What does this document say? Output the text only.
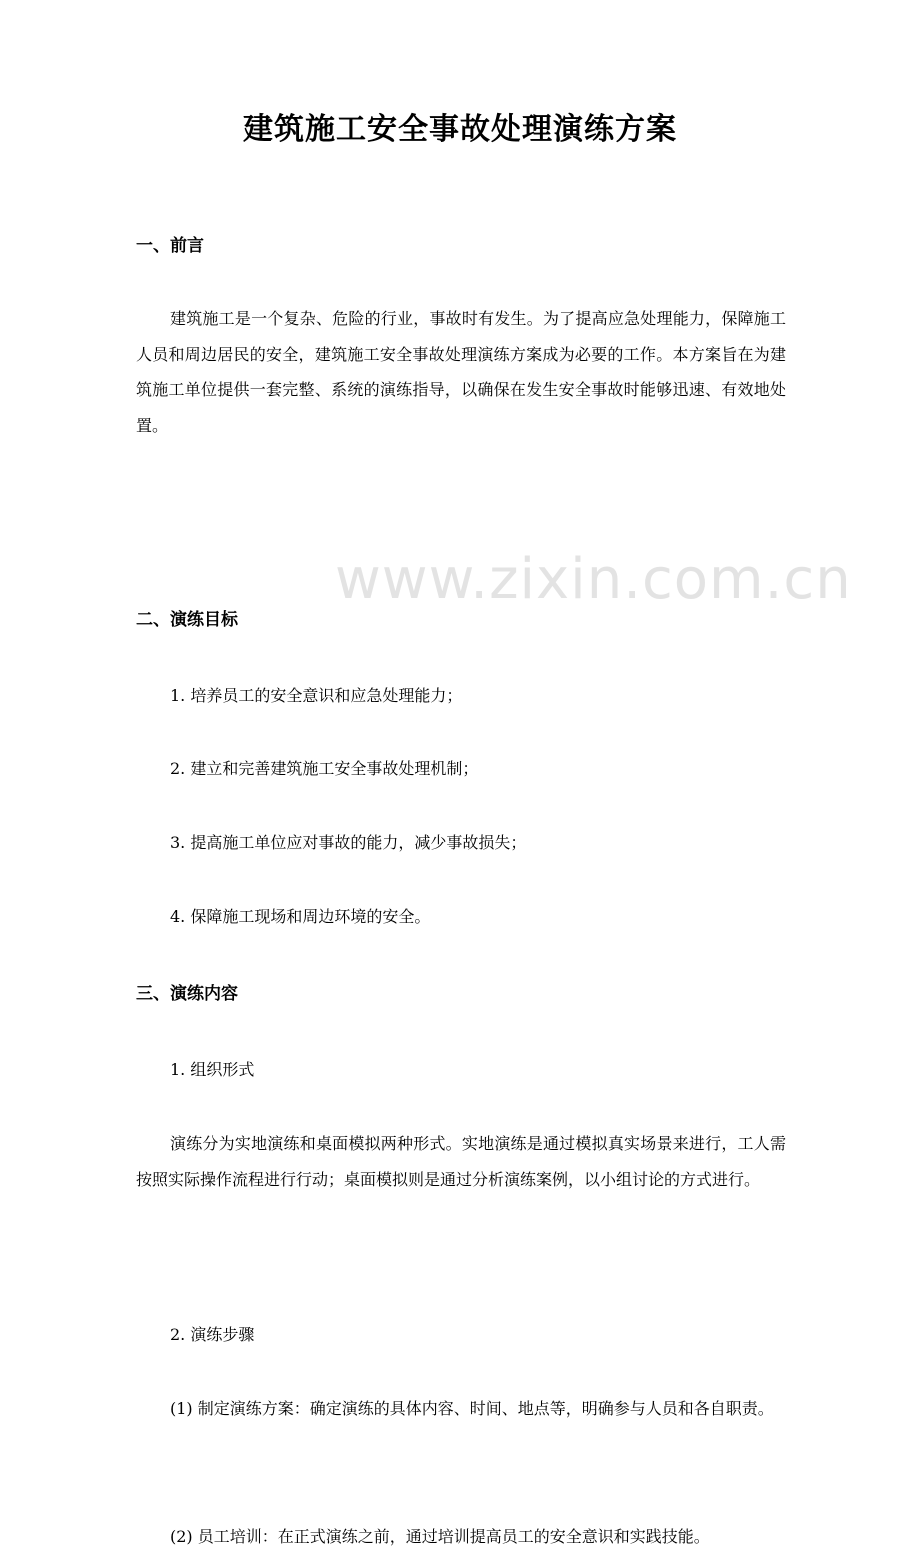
www.zixin.com.cn
建筑施工安全事故处理演练方案
一、前言

建筑施工是一个复杂、危险的行业，事故时有发生。为了提高应急处理能力，保障施工人员和周边居民的安全，建筑施工安全事故处理演练方案成为必要的工作。本方案旨在为建筑施工单位提供一套完整、系统的演练指导，以确保在发生安全事故时能够迅速、有效地处置。

二、演练目标
1. 培养员工的安全意识和应急处理能力；
2. 建立和完善建筑施工安全事故处理机制；
3. 提高施工单位应对事故的能力，减少事故损失；
4. 保障施工现场和周边环境的安全。
三、演练内容
1. 组织形式

演练分为实地演练和桌面模拟两种形式。实地演练是通过模拟真实场景来进行，工人需按照实际操作流程进行行动；桌面模拟则是通过分析演练案例，以小组讨论的方式进行。

2. 演练步骤

(1) 制定演练方案：确定演练的具体内容、时间、地点等，明确参与人员和各自职责。

(2) 员工培训：在正式演练之前，通过培训提高员工的安全意识和实践技能。
